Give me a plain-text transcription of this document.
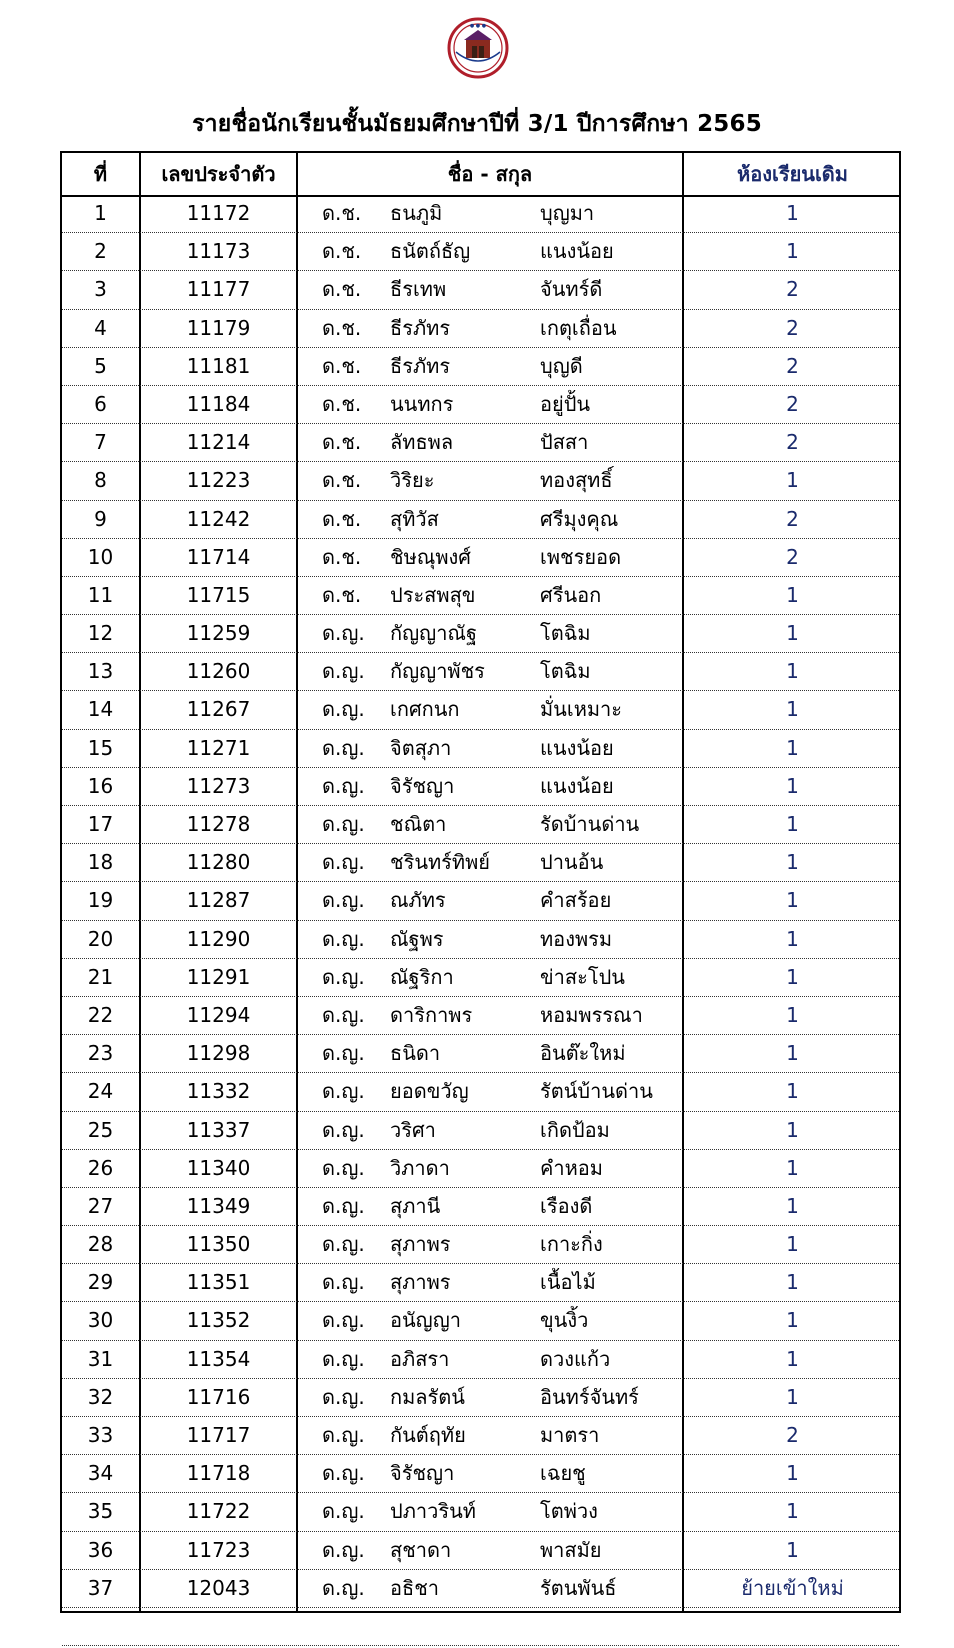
● ● ●
รายชื่อนักเรียนชั้นมัธยมศึกษาปีที่ 3/1 ปีการศึกษา 2565
ที่	เลขประจำตัว	ชื่อ - สกุล	ห้องเรียนเดิม
1	11172	ด.ช. ธนภูมิ	บุญมา	1
2	11173	ด.ช. ธนัตถ์ธัญ	แนงน้อย	1
3	11177	ด.ช. ธีรเทพ	จันทร์ดี	2
4	11179	ด.ช. ธีรภัทร	เกตุเถื่อน	2
5	11181	ด.ช. ธีรภัทร	บุญดี	2
6	11184	ด.ช. นนทกร	อยู่ปั้น	2
7	11214	ด.ช. ลัทธพล	ปัสสา	2
8	11223	ด.ช. วิริยะ	ทองสุทธิ์	1
9	11242	ด.ช. สุทิวัส	ศรีมุงคุณ	2
10	11714	ด.ช. ชิษณุพงศ์	เพชรยอด	2
11	11715	ด.ช. ประสพสุข	ศรีนอก	1
12	11259	ด.ญ. กัญญาณัฐ	โตฉิม	1
13	11260	ด.ญ. กัญญาพัชร	โตฉิม	1
14	11267	ด.ญ. เกศกนก	มั่นเหมาะ	1
15	11271	ด.ญ. จิตสุภา	แนงน้อย	1
16	11273	ด.ญ. จิรัชญา	แนงน้อย	1
17	11278	ด.ญ. ชณิตา	รัดบ้านด่าน	1
18	11280	ด.ญ. ชรินทร์ทิพย์	ปานอ้น	1
19	11287	ด.ญ. ณภัทร	คำสร้อย	1
20	11290	ด.ญ. ณัฐพร	ทองพรม	1
21	11291	ด.ญ. ณัฐริกา	ข่าสะโปน	1
22	11294	ด.ญ. ดาริกาพร	หอมพรรณา	1
23	11298	ด.ญ. ธนิดา	อินต๊ะใหม่	1
24	11332	ด.ญ. ยอดขวัญ	รัตน์บ้านด่าน	1
25	11337	ด.ญ. วริศา	เกิดป้อม	1
26	11340	ด.ญ. วิภาดา	คำหอม	1
27	11349	ด.ญ. สุภานี	เรืองดี	1
28	11350	ด.ญ. สุภาพร	เกาะกิ่ง	1
29	11351	ด.ญ. สุภาพร	เนื้อไม้	1
30	11352	ด.ญ. อนัญญา	ขุนงิ้ว	1
31	11354	ด.ญ. อภิสรา	ดวงแก้ว	1
32	11716	ด.ญ. กมลรัตน์	อินทร์จันทร์	1
33	11717	ด.ญ. กันต์ฤทัย	มาตรา	2
34	11718	ด.ญ. จิรัชญา	เฉยชู	1
35	11722	ด.ญ. ปภาวรินท์	โตพ่วง	1
36	11723	ด.ญ. สุชาดา	พาสมัย	1
37	12043	ด.ญ. อธิชา	รัตนพันธ์	ย้ายเข้าใหม่
